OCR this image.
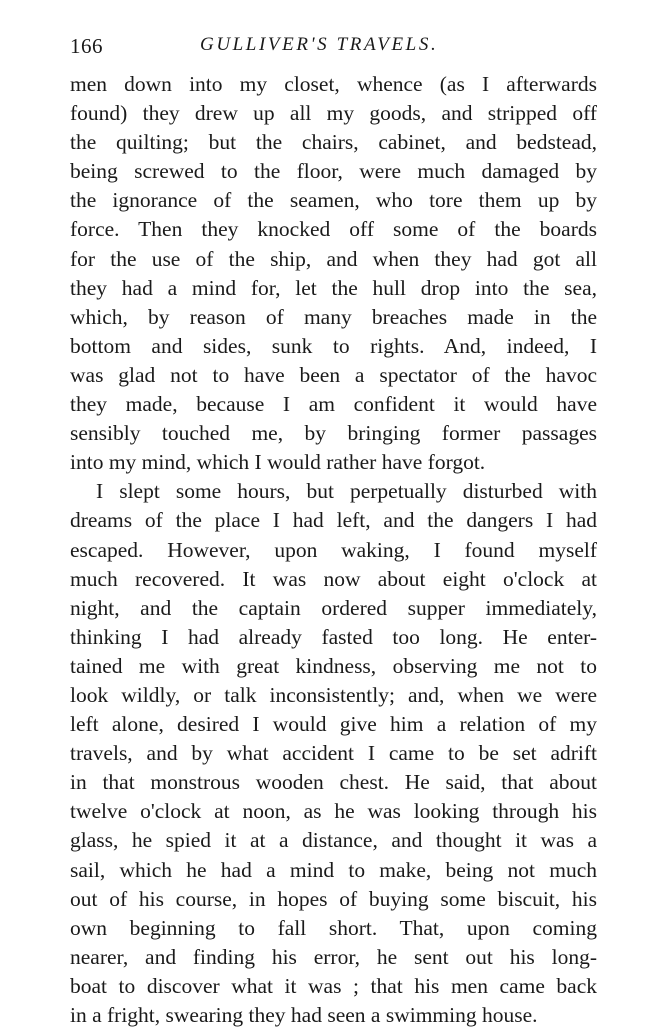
166	GULLIVER'S TRAVELS.
men down into my closet, whence (as I afterwards
found) they drew up all my goods, and stripped off
the quilting; but the chairs, cabinet, and bedstead,
being screwed to the floor, were much damaged by
the ignorance of the seamen, who tore them up by
force. Then they knocked off some of the boards
for the use of the ship, and when they had got all
they had a mind for, let the hull drop into the sea,
which, by reason of many breaches made in the
bottom and sides, sunk to rights. And, indeed, I
was glad not to have been a spectator of the havoc
they made, because I am confident it would have
sensibly touched me, by bringing former passages
into my mind, which I would rather have forgot.
I slept some hours, but perpetually disturbed with
dreams of the place I had left, and the dangers I had
escaped. However, upon waking, I found myself
much recovered. It was now about eight o'clock at
night, and the captain ordered supper immediately,
thinking I had already fasted too long. He enter-
tained me with great kindness, observing me not to
look wildly, or talk inconsistently; and, when we were
left alone, desired I would give him a relation of my
travels, and by what accident I came to be set adrift
in that monstrous wooden chest. He said, that about
twelve o'clock at noon, as he was looking through his
glass, he spied it at a distance, and thought it was a
sail, which he had a mind to make, being not much
out of his course, in hopes of buying some biscuit, his
own beginning to fall short. That, upon coming
nearer, and finding his error, he sent out his long-
boat to discover what it was ; that his men came back
in a fright, swearing they had seen a swimming house.
